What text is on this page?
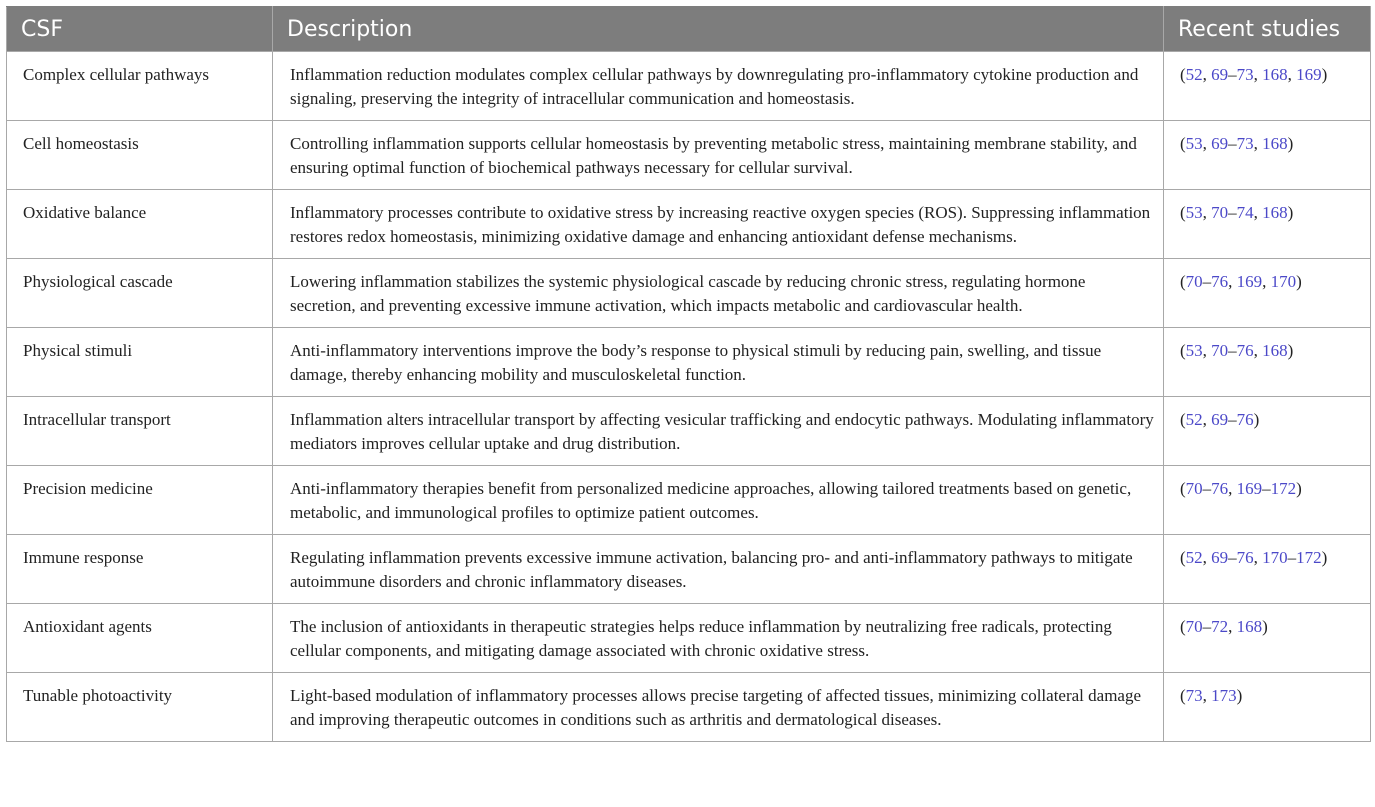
CSF	Description	Recent studies
Complex cellular pathways	Inflammation reduction modulates complex cellular pathways by downregulating pro-inflammatory cytokine production and signaling, preserving the integrity of intracellular communication and homeostasis.	(52, 69–73, 168, 169)
Cell homeostasis	Controlling inflammation supports cellular homeostasis by preventing metabolic stress, maintaining membrane stability, and ensuring optimal function of biochemical pathways necessary for cellular survival.	(53, 69–73, 168)
Oxidative balance	Inflammatory processes contribute to oxidative stress by increasing reactive oxygen species (ROS). Suppressing inflammation restores redox homeostasis, minimizing oxidative damage and enhancing antioxidant defense mechanisms.	(53, 70–74, 168)
Physiological cascade	Lowering inflammation stabilizes the systemic physiological cascade by reducing chronic stress, regulating hormone secretion, and preventing excessive immune activation, which impacts metabolic and cardiovascular health.	(70–76, 169, 170)
Physical stimuli	Anti-inflammatory interventions improve the body’s response to physical stimuli by reducing pain, swelling, and tissue damage, thereby enhancing mobility and musculoskeletal function.	(53, 70–76, 168)
Intracellular transport	Inflammation alters intracellular transport by affecting vesicular trafficking and endocytic pathways. Modulating inflammatory mediators improves cellular uptake and drug distribution.	(52, 69–76)
Precision medicine	Anti-inflammatory therapies benefit from personalized medicine approaches, allowing tailored treatments based on genetic, metabolic, and immunological profiles to optimize patient outcomes.	(70–76, 169–172)
Immune response	Regulating inflammation prevents excessive immune activation, balancing pro- and anti-inflammatory pathways to mitigate autoimmune disorders and chronic inflammatory diseases.	(52, 69–76, 170–172)
Antioxidant agents	The inclusion of antioxidants in therapeutic strategies helps reduce inflammation by neutralizing free radicals, protecting cellular components, and mitigating damage associated with chronic oxidative stress.	(70–72, 168)
Tunable photoactivity	Light-based modulation of inflammatory processes allows precise targeting of affected tissues, minimizing collateral damage and improving therapeutic outcomes in conditions such as arthritis and dermatological diseases.	(73, 173)
